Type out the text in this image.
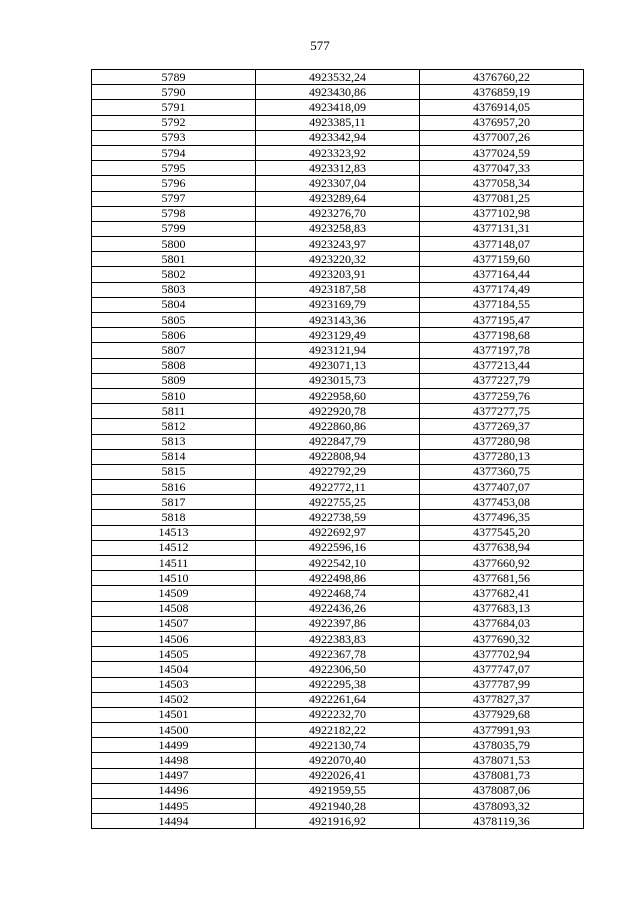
577
5789	4923532,24	4376760,22
5790	4923430,86	4376859,19
5791	4923418,09	4376914,05
5792	4923385,11	4376957,20
5793	4923342,94	4377007,26
5794	4923323,92	4377024,59
5795	4923312,83	4377047,33
5796	4923307,04	4377058,34
5797	4923289,64	4377081,25
5798	4923276,70	4377102,98
5799	4923258,83	4377131,31
5800	4923243,97	4377148,07
5801	4923220,32	4377159,60
5802	4923203,91	4377164,44
5803	4923187,58	4377174,49
5804	4923169,79	4377184,55
5805	4923143,36	4377195,47
5806	4923129,49	4377198,68
5807	4923121,94	4377197,78
5808	4923071,13	4377213,44
5809	4923015,73	4377227,79
5810	4922958,60	4377259,76
5811	4922920,78	4377277,75
5812	4922860,86	4377269,37
5813	4922847,79	4377280,98
5814	4922808,94	4377280,13
5815	4922792,29	4377360,75
5816	4922772,11	4377407,07
5817	4922755,25	4377453,08
5818	4922738,59	4377496,35
14513	4922692,97	4377545,20
14512	4922596,16	4377638,94
14511	4922542,10	4377660,92
14510	4922498,86	4377681,56
14509	4922468,74	4377682,41
14508	4922436,26	4377683,13
14507	4922397,86	4377684,03
14506	4922383,83	4377690,32
14505	4922367,78	4377702,94
14504	4922306,50	4377747,07
14503	4922295,38	4377787,99
14502	4922261,64	4377827,37
14501	4922232,70	4377929,68
14500	4922182,22	4377991,93
14499	4922130,74	4378035,79
14498	4922070,40	4378071,53
14497	4922026,41	4378081,73
14496	4921959,55	4378087,06
14495	4921940,28	4378093,32
14494	4921916,92	4378119,36
